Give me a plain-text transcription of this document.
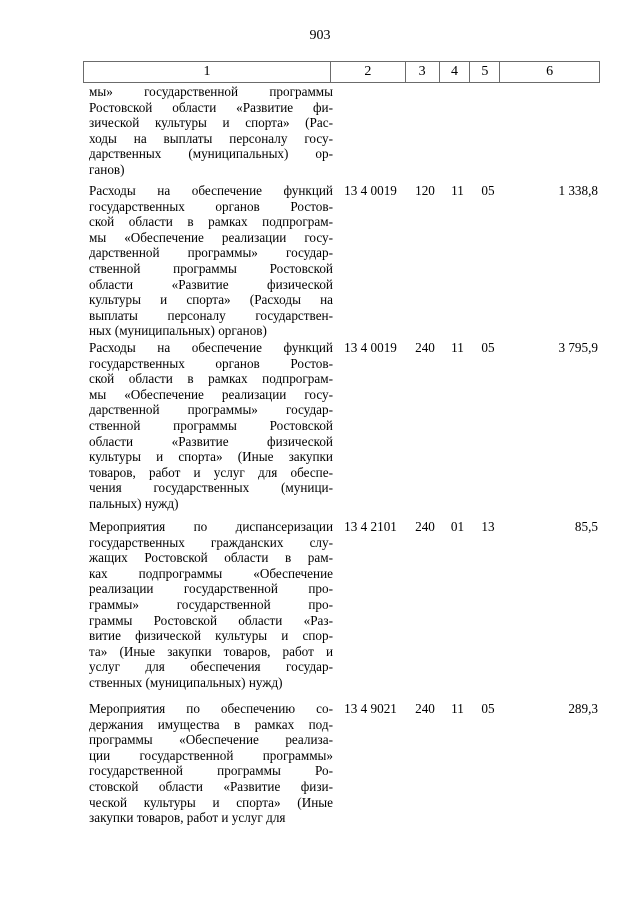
903
1	2	3	4	5	6
мы» государственной программы
Ростовской области «Развитие фи-
зической культуры и спорта» (Рас-
ходы на выплаты персоналу госу-
дарственных (муниципальных) ор-
ганов)
Расходы на обеспечение функций
государственных органов Ростов-
ской области в рамках подпрограм-
мы «Обеспечение реализации госу-
дарственной программы» государ-
ственной программы Ростовской
области «Развитие физической
культуры и спорта» (Расходы на
выплаты персоналу государствен-
ных (муниципальных) органов)
13 4 0019	120	11	05	1 338,8
Расходы на обеспечение функций
государственных органов Ростов-
ской области в рамках подпрограм-
мы «Обеспечение реализации госу-
дарственной программы» государ-
ственной программы Ростовской
области «Развитие физической
культуры и спорта» (Иные закупки
товаров, работ и услуг для обеспе-
чения государственных (муници-
пальных) нужд)
13 4 0019	240	11	05	3 795,9
Мероприятия по диспансеризации
государственных гражданских слу-
жащих Ростовской области в рам-
ках подпрограммы «Обеспечение
реализации государственной про-
граммы» государственной про-
граммы Ростовской области «Раз-
витие физической культуры и спор-
та» (Иные закупки товаров, работ и
услуг для обеспечения государ-
ственных (муниципальных) нужд)
13 4 2101	240	01	13	85,5
Мероприятия по обеспечению со-
держания имущества в рамках под-
программы «Обеспечение реализа-
ции государственной программы»
государственной программы Ро-
стовской области «Развитие физи-
ческой культуры и спорта» (Иные
закупки товаров, работ и услуг для
13 4 9021	240	11	05	289,3
